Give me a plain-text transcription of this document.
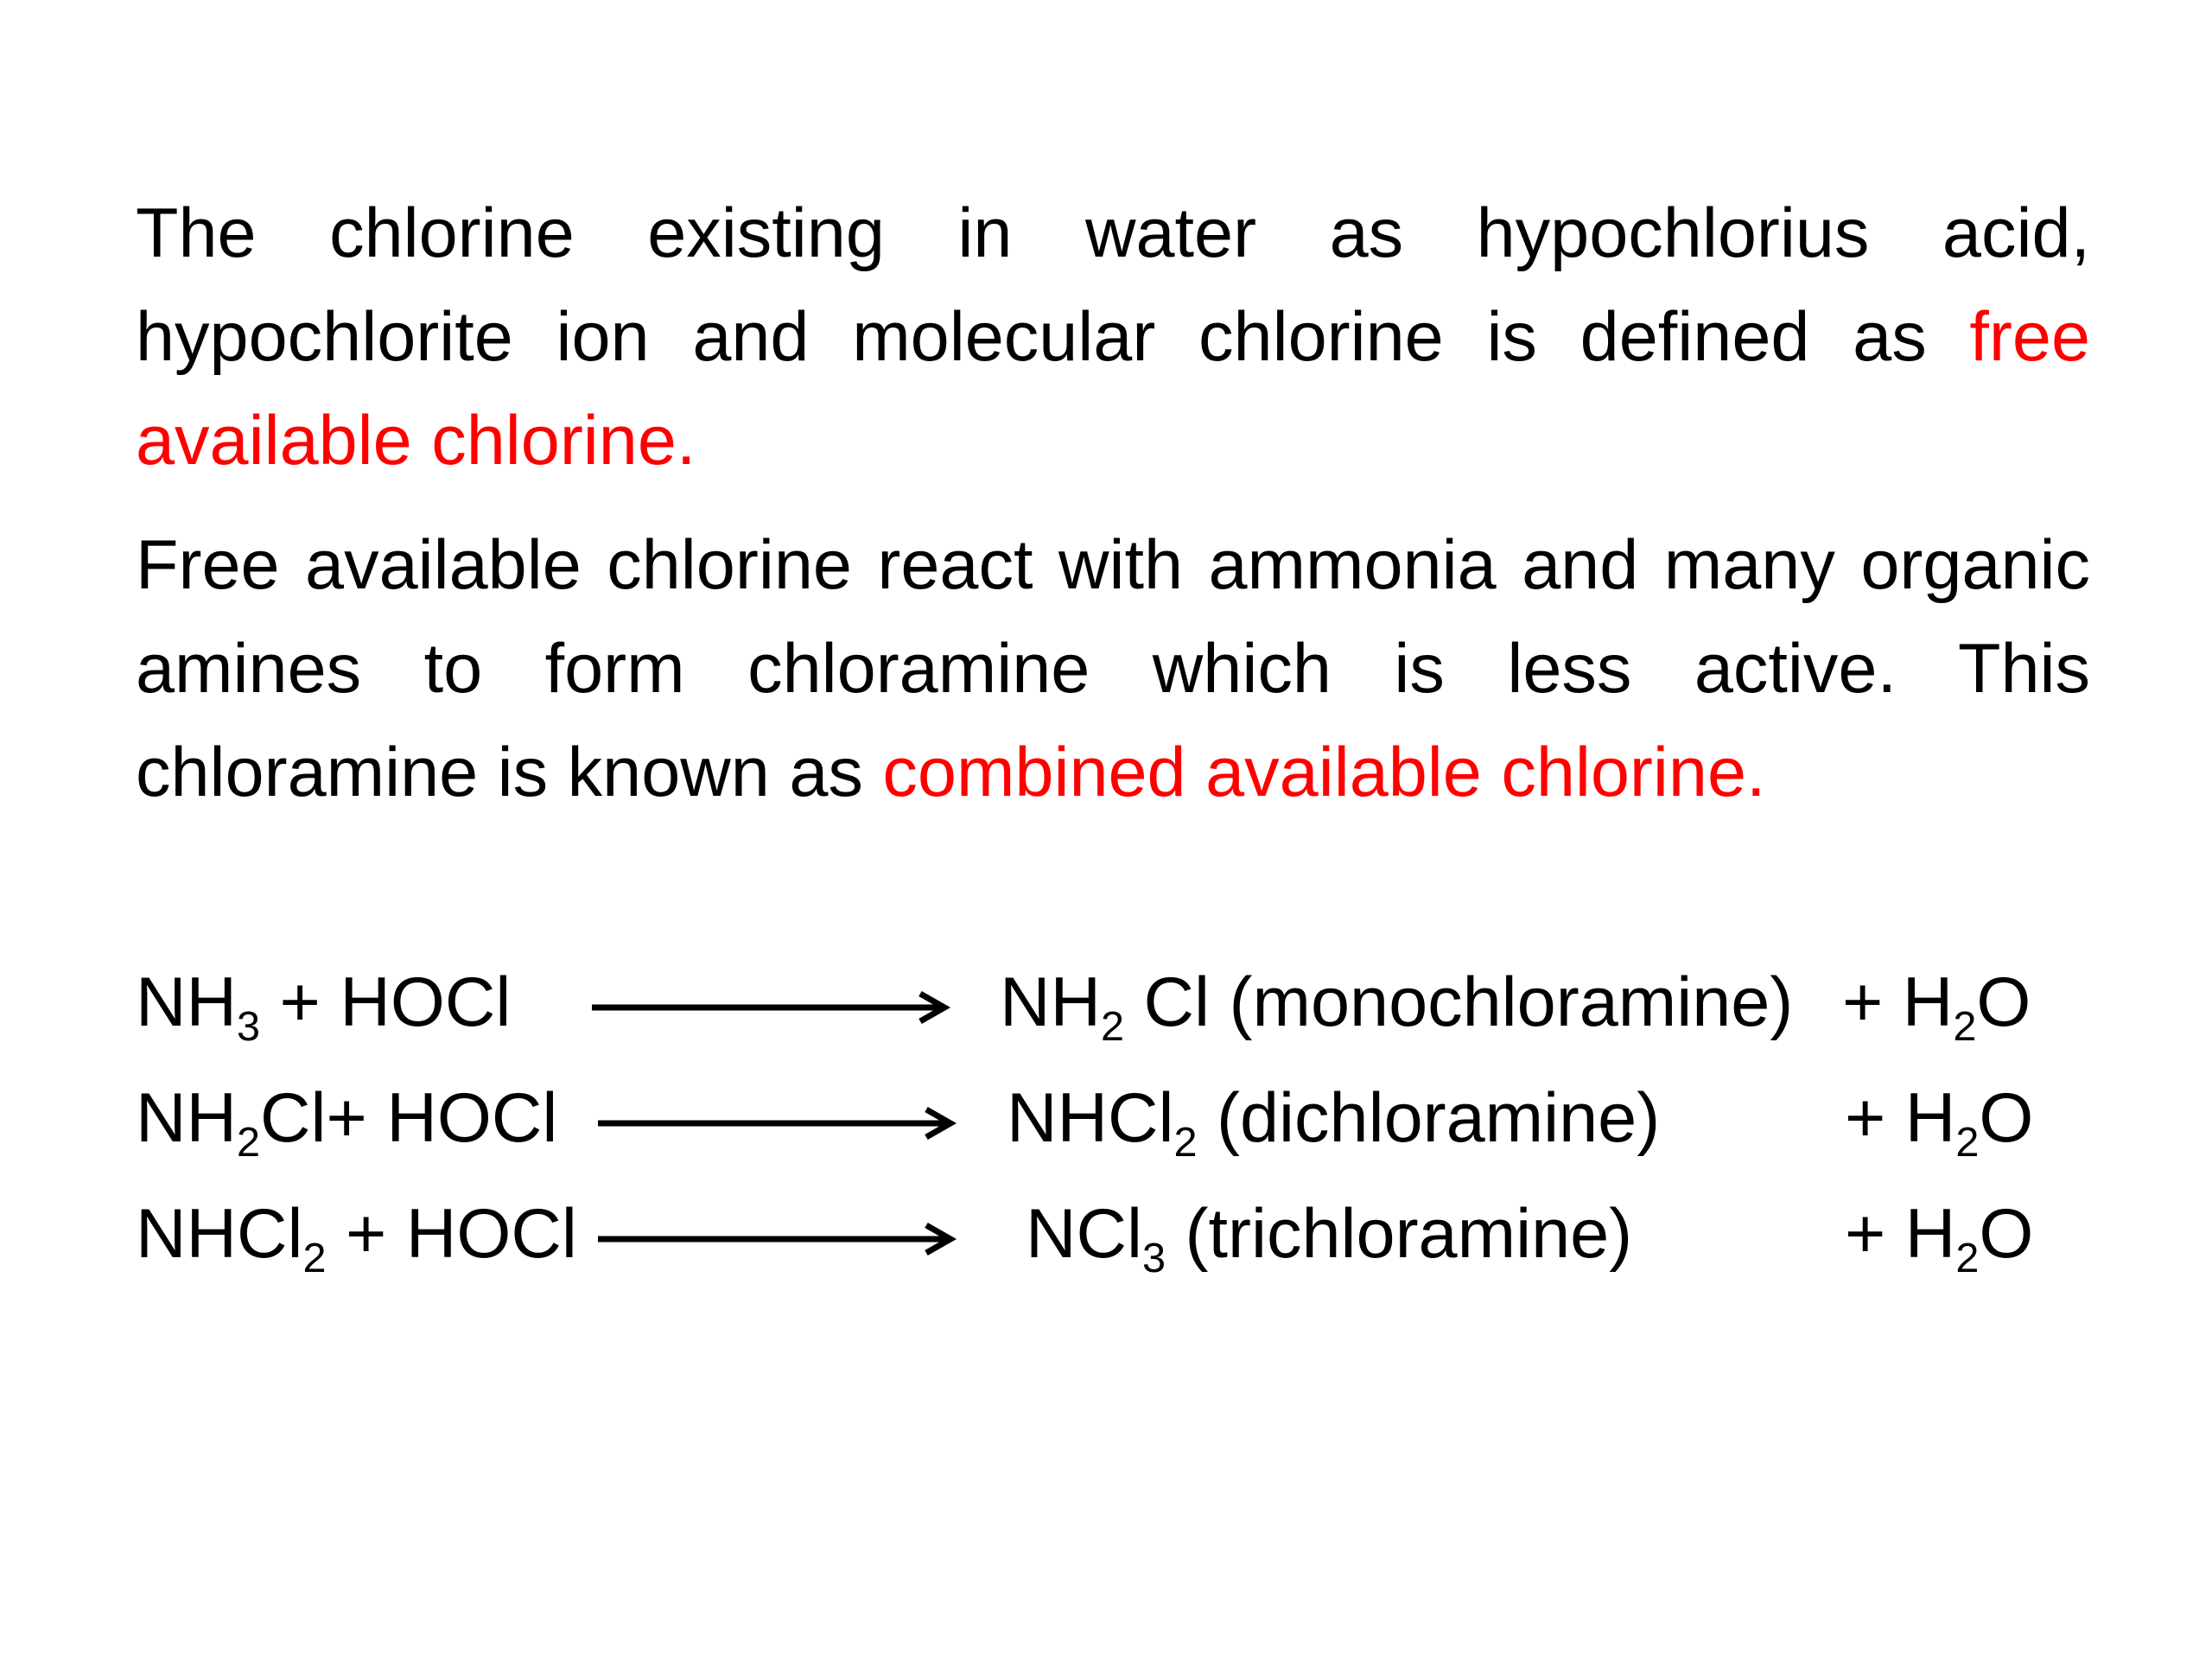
The chlorine existing in water as hypochlorius acid, hypochlorite ion and molecular chlorine is defined as free available chlorine.

Free available chlorine react with ammonia and many organic amines to form chloramine which is less active. This chloramine is known as combined available chlorine.

$NH_3$ + HOCl	$NH_2$ Cl (monochloramine) + $H_2O$
$NH_2Cl+$ HOCl	NHCl$_2$ (dichloramine)	+ $H_2O$
NHCl$_2$ + HOCl	NCl$_3$ (trichloramine)	+ $H_2O$
